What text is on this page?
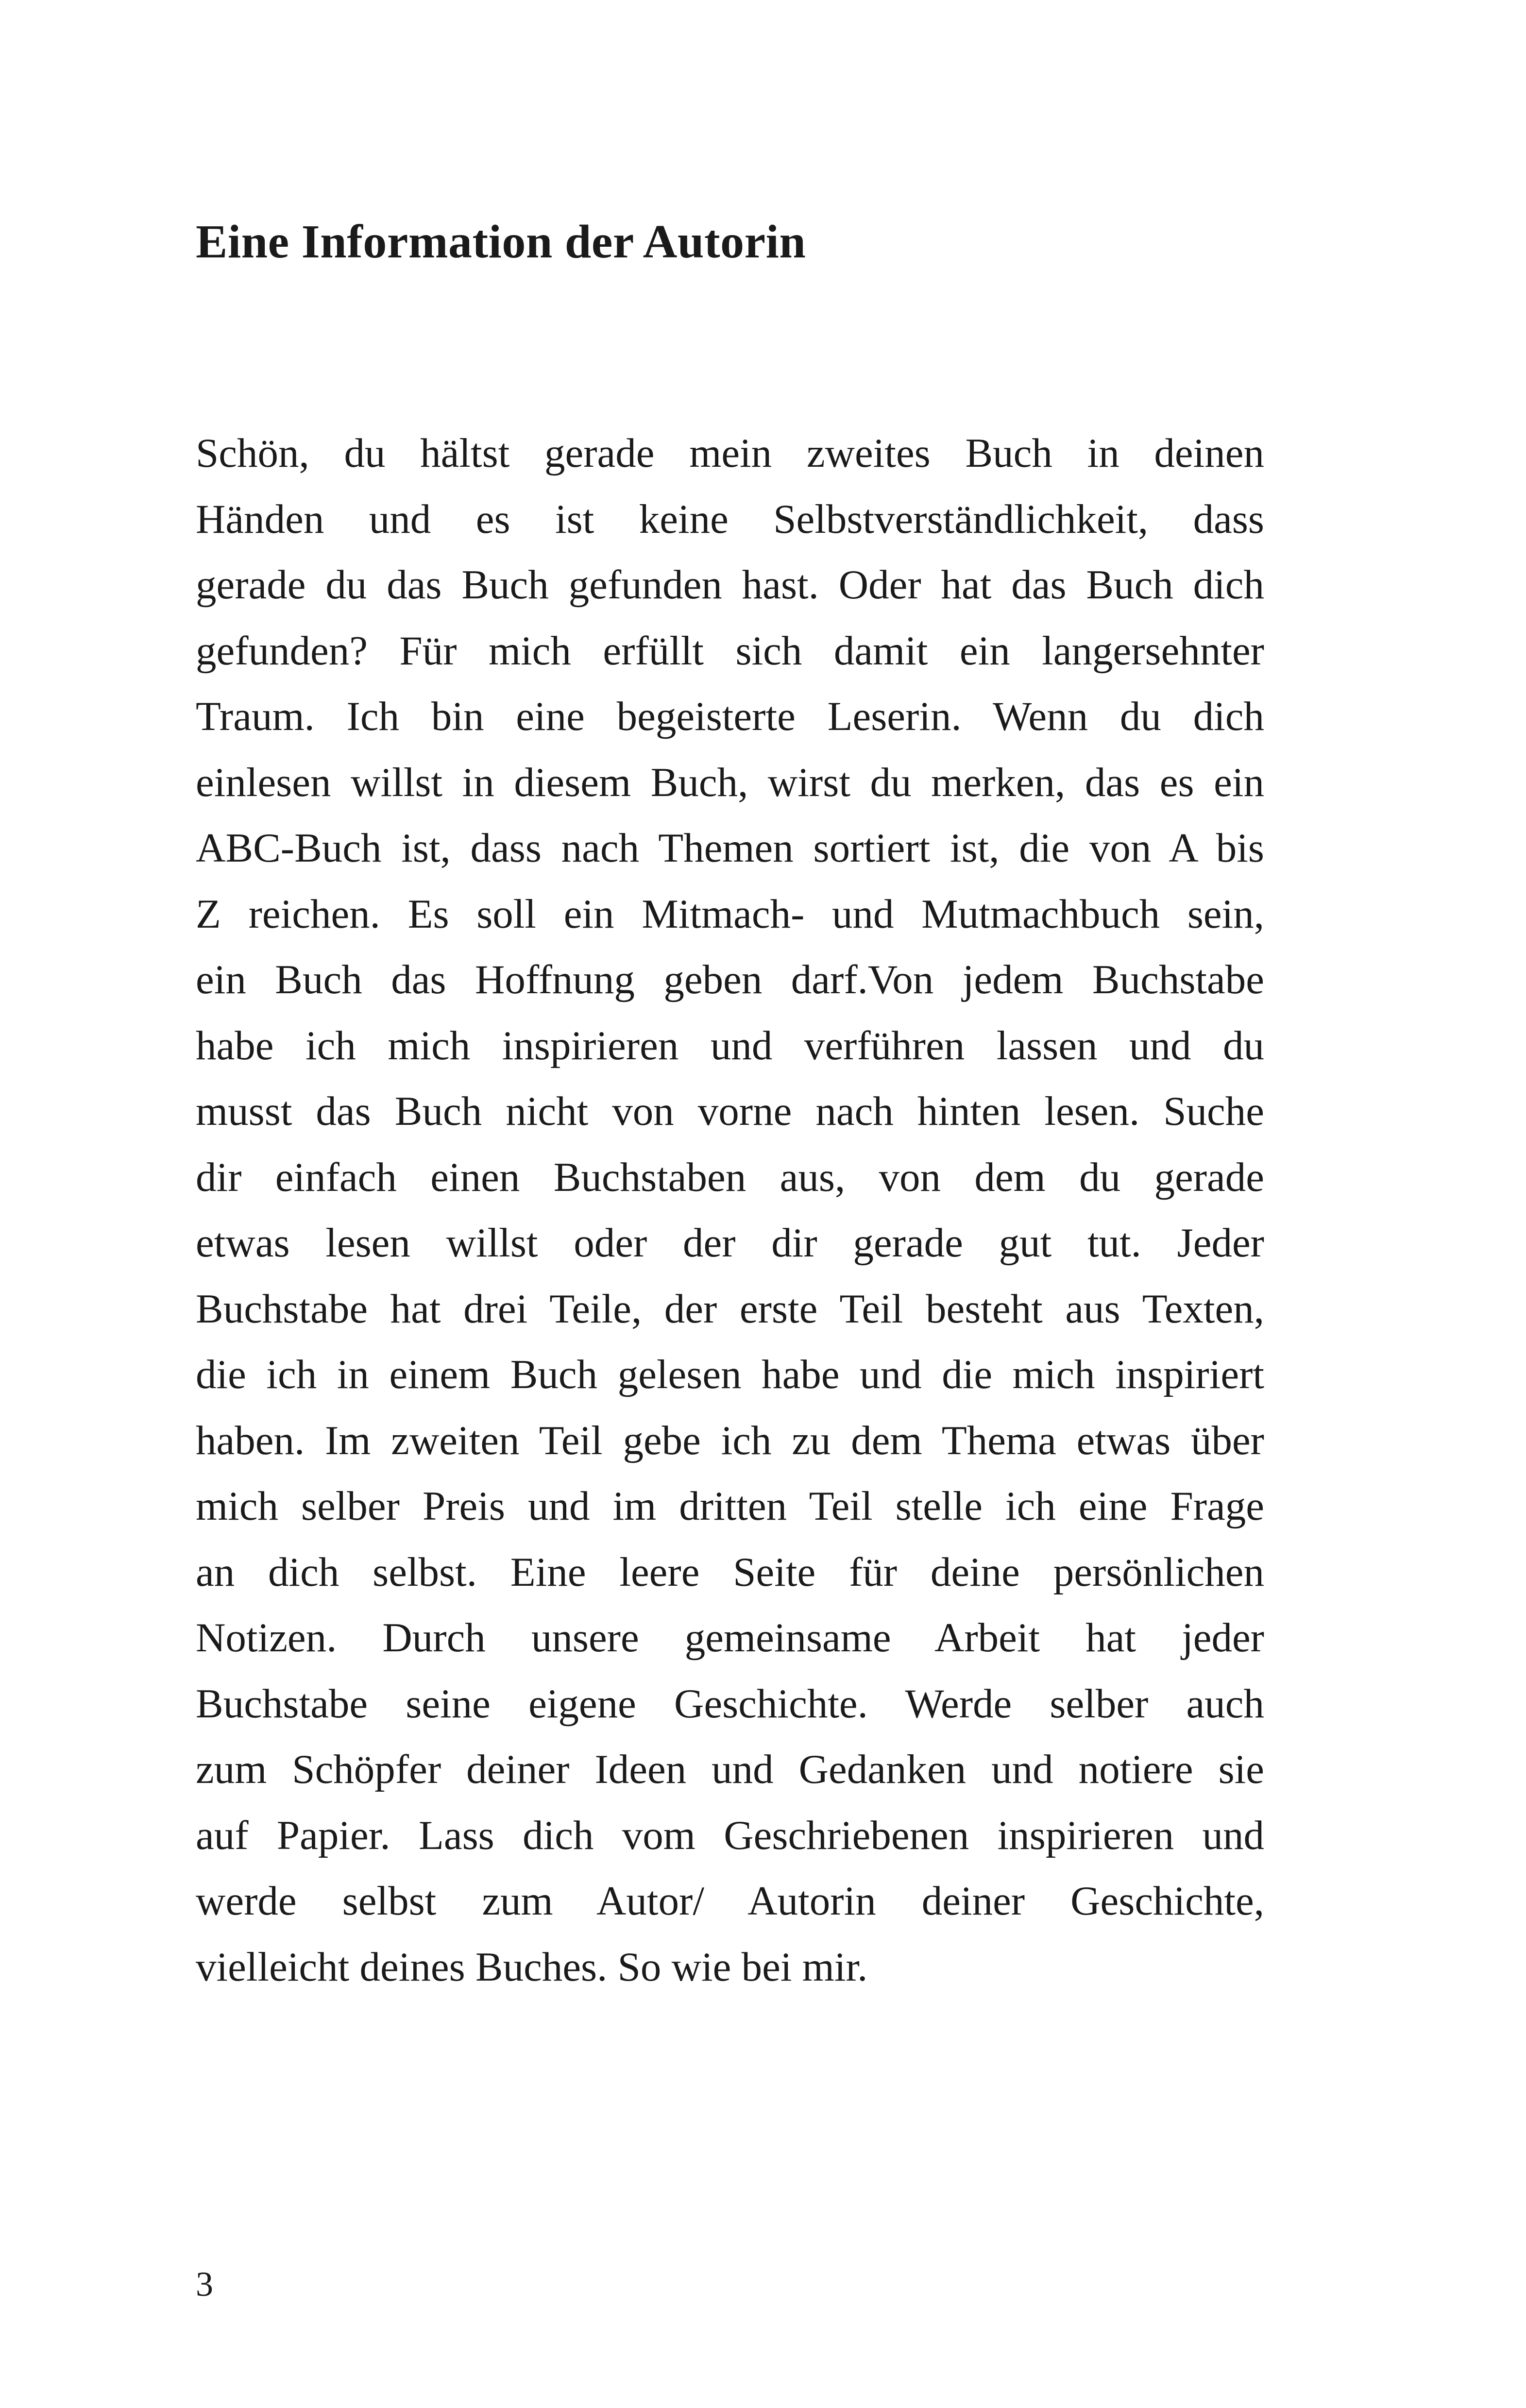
Eine Information der Autorin
Schön, du hältst gerade mein zweites Buch in deinen
Händen und es ist keine Selbstverständlichkeit, dass
gerade du das Buch gefunden hast. Oder hat das Buch dich
gefunden? Für mich erfüllt sich damit ein langersehnter
Traum. Ich bin eine begeisterte Leserin. Wenn du dich
einlesen willst in diesem Buch, wirst du merken, das es ein
ABC-Buch ist, dass nach Themen sortiert ist, die von A bis
Z reichen. Es soll ein Mitmach- und Mutmachbuch sein,
ein Buch das Hoffnung geben darf.Von jedem Buchstabe
habe ich mich inspirieren und verführen lassen und du
musst das Buch nicht von vorne nach hinten lesen. Suche
dir einfach einen Buchstaben aus, von dem du gerade
etwas lesen willst oder der dir gerade gut tut. Jeder
Buchstabe hat drei Teile, der erste Teil besteht aus Texten,
die ich in einem Buch gelesen habe und die mich inspiriert
haben. Im zweiten Teil gebe ich zu dem Thema etwas über
mich selber Preis und im dritten Teil stelle ich eine Frage
an dich selbst. Eine leere Seite für deine persönlichen
Notizen. Durch unsere gemeinsame Arbeit hat jeder
Buchstabe seine eigene Geschichte. Werde selber auch
zum Schöpfer deiner Ideen und Gedanken und notiere sie
auf Papier. Lass dich vom Geschriebenen inspirieren und
werde selbst zum Autor/ Autorin deiner Geschichte,
vielleicht deines Buches. So wie bei mir.

3
